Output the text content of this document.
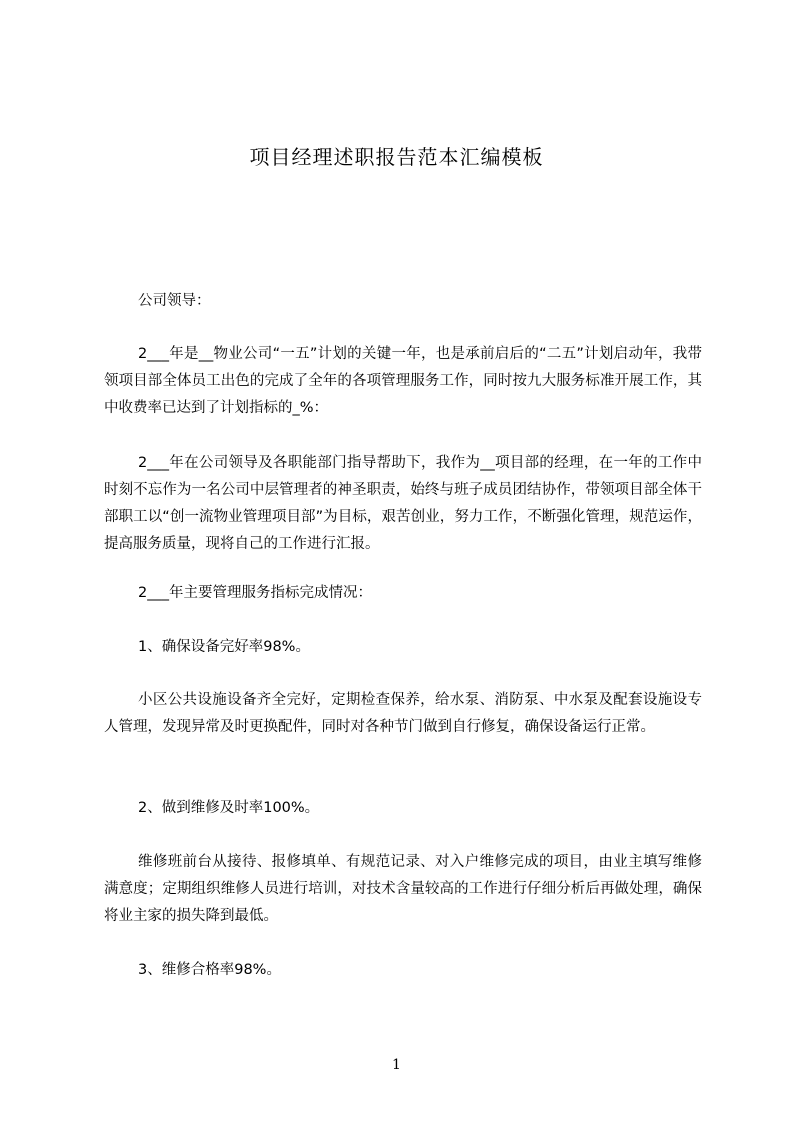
项目经理述职报告范本汇编模板
公司领导：
2___年是__物业公司“一五”计划的关键一年，也是承前启后的“二五”计划启动年，我带领项目部全体员工出色的完成了全年的各项管理服务工作，同时按九大服务标准开展工作，其中收费率已达到了计划指标的_%：
2___年在公司领导及各职能部门指导帮助下，我作为__项目部的经理，在一年的工作中时刻不忘作为一名公司中层管理者的神圣职责，始终与班子成员团结协作，带领项目部全体干部职工以“创一流物业管理项目部”为目标，艰苦创业，努力工作，不断强化管理，规范运作，提高服务质量，现将自己的工作进行汇报。
2___年主要管理服务指标完成情况：
1、确保设备完好率98%。
小区公共设施设备齐全完好，定期检查保养，给水泵、消防泵、中水泵及配套设施设专人管理，发现异常及时更换配件，同时对各种节门做到自行修复，确保设备运行正常。
2、做到维修及时率100%。
维修班前台从接待、报修填单、有规范记录、对入户维修完成的项目，由业主填写维修满意度；定期组织维修人员进行培训，对技术含量较高的工作进行仔细分析后再做处理，确保将业主家的损失降到最低。
3、维修合格率98%。
1
